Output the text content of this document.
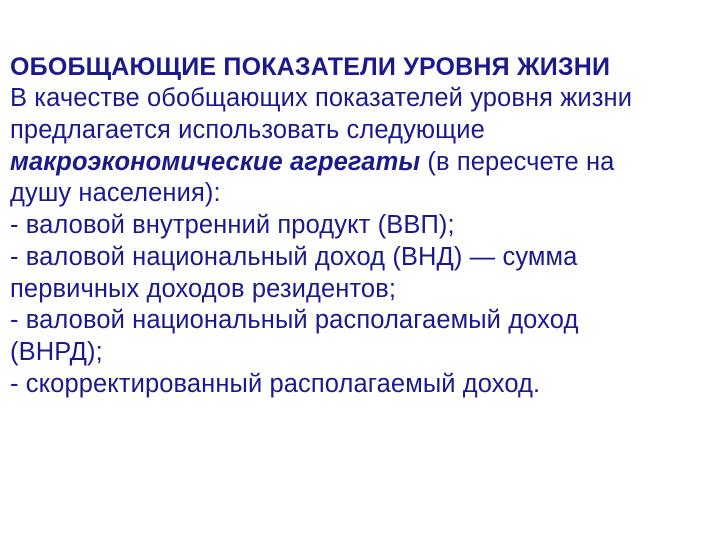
ОБОБЩАЮЩИЕ ПОКАЗАТЕЛИ УРОВНЯ ЖИЗНИ
В качестве обобщающих показателей уровня жизни
предлагается использовать следующие
макроэкономические агрегаты (в пересчете на
душу населения):
- валовой внутренний продукт (ВВП);
- валовой национальный доход (ВНД) — сумма
первичных доходов резидентов;
- валовой национальный располагаемый доход
(ВНРД);
- скорректированный располагаемый доход.
